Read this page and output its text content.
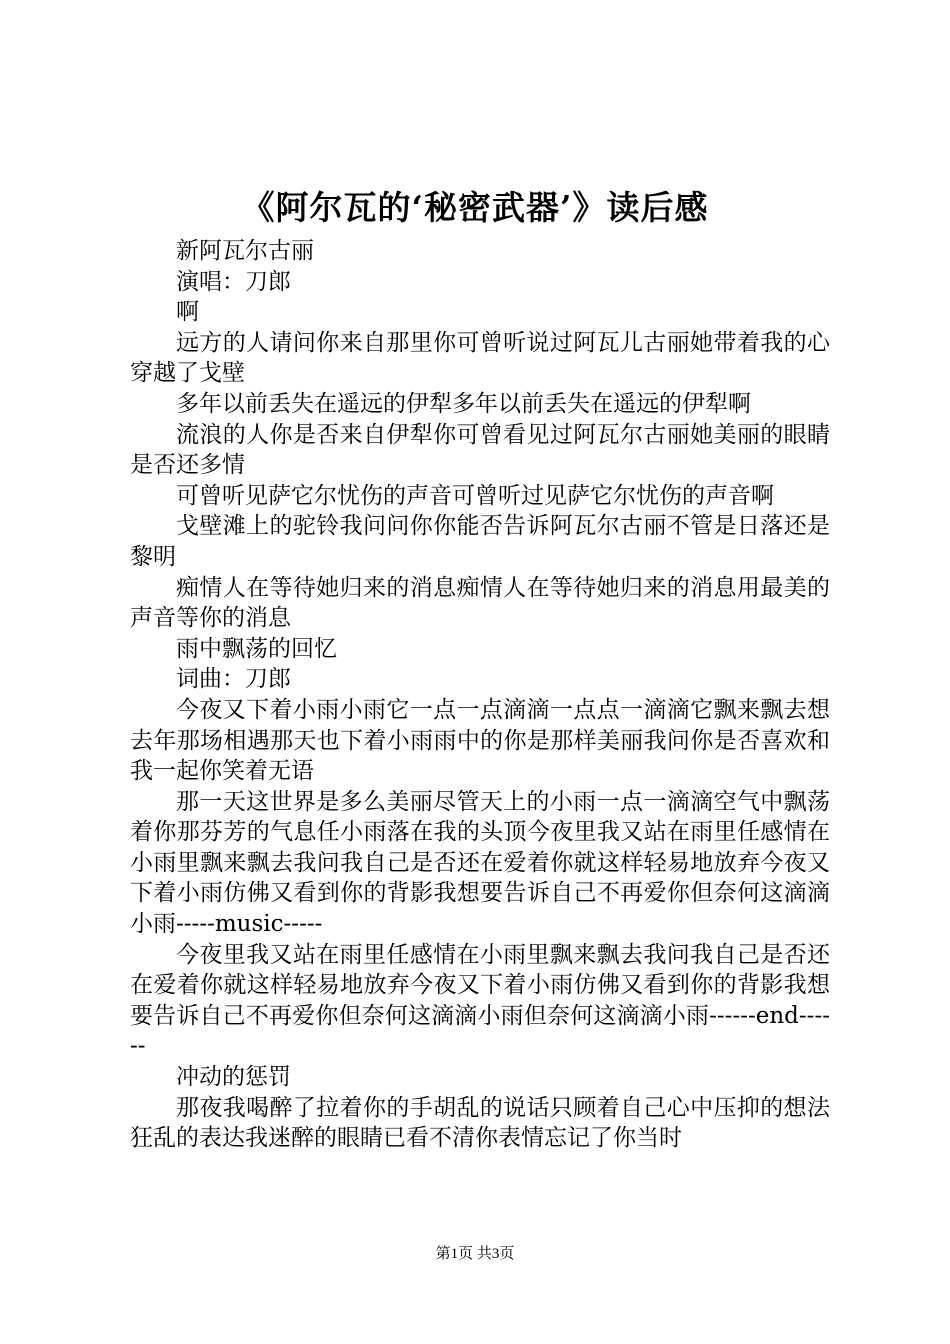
《阿尔瓦的‘秘密武器’》读后感

新阿瓦尔古丽

演唱：刀郎

啊

远方的人请问你来自那里你可曾听说过阿瓦儿古丽她带着我的心穿越了戈壁

多年以前丢失在遥远的伊犁多年以前丢失在遥远的伊犁啊

流浪的人你是否来自伊犁你可曾看见过阿瓦尔古丽她美丽的眼睛是否还多情

可曾听见萨它尔忧伤的声音可曾听过见萨它尔忧伤的声音啊

戈壁滩上的驼铃我问问你你能否告诉阿瓦尔古丽不管是日落还是黎明

痴情人在等待她归来的消息痴情人在等待她归来的消息用最美的声音等你的消息

雨中飘荡的回忆

词曲：刀郎

今夜又下着小雨小雨它一点一点滴滴一点点一滴滴它飘来飘去想去年那场相遇那天也下着小雨雨中的你是那样美丽我问你是否喜欢和我一起你笑着无语

那一天这世界是多么美丽尽管天上的小雨一点一滴滴空气中飘荡着你那芬芳的气息任小雨落在我的头顶今夜里我又站在雨里任感情在小雨里飘来飘去我问我自己是否还在爱着你就这样轻易地放弃今夜又下着小雨仿佛又看到你的背影我想要告诉自己不再爱你但奈何这滴滴小雨-----music-----

今夜里我又站在雨里任感情在小雨里飘来飘去我问我自己是否还在爱着你就这样轻易地放弃今夜又下着小雨仿佛又看到你的背影我想要告诉自己不再爱你但奈何这滴滴小雨但奈何这滴滴小雨------end------

冲动的惩罚

那夜我喝醉了拉着你的手胡乱的说话只顾着自己心中压抑的想法狂乱的表达我迷醉的眼睛已看不清你表情忘记了你当时

第1页 共3页
